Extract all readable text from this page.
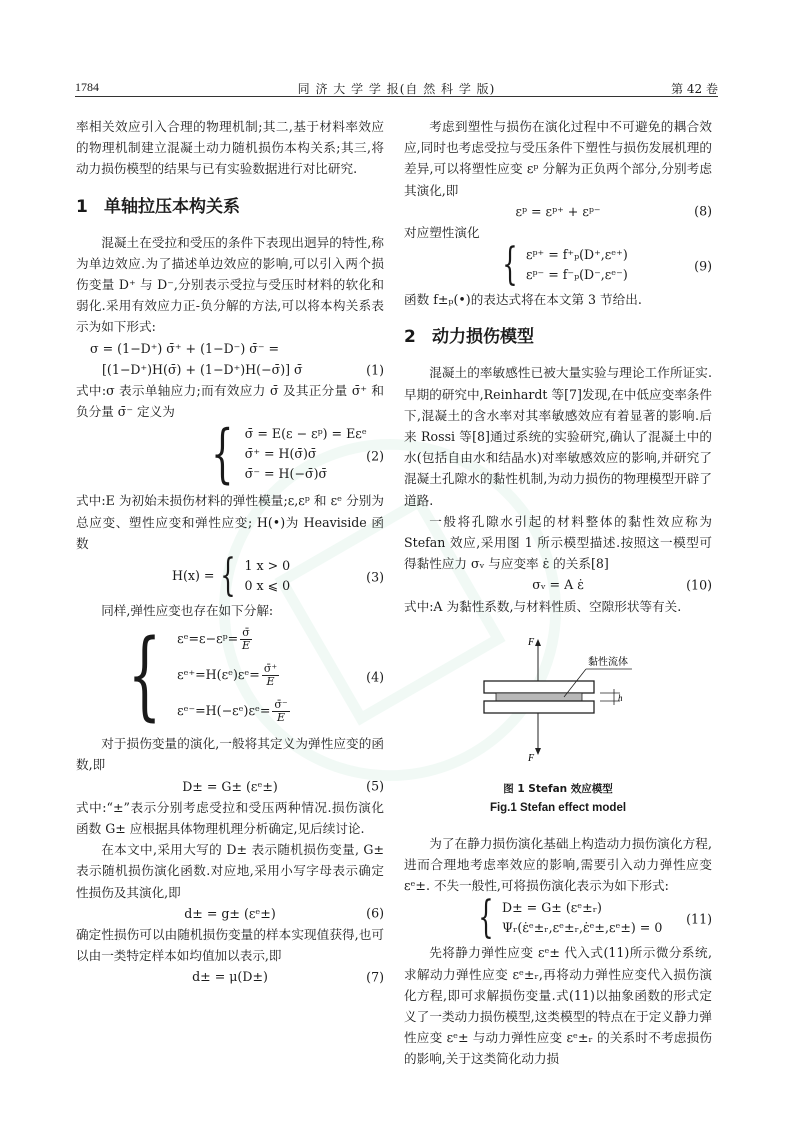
1784	同 济 大 学 学 报(自 然 科 学 版)	第 42 卷

率相关效应引入合理的物理机制;其二,基于材料率效应的物理机制建立混凝土动力随机损伤本构关系;其三,将动力损伤模型的结果与已有实验数据进行对比研究.

1 单轴拉压本构关系

混凝土在受拉和受压的条件下表现出迥异的特性,称为单边效应.为了描述单边效应的影响,可以引入两个损伤变量 D⁺ 与 D⁻,分别表示受拉与受压时材料的软化和弱化.采用有效应力正-负分解的方法,可以将本构关系表示为如下形式:

σ = (1−D⁺) σ̄⁺ + (1−D⁻) σ̄⁻ =
[(1−D⁺)H(σ̄) + (1−D⁺)H(−σ̄)] σ̄	(1)

式中:σ 表示单轴应力;而有效应力 σ̄ 及其正分量 σ̄⁺ 和负分量 σ̄⁻ 定义为

{ σ̄ = E(ε − εᵖ) = Eεᵉ
σ̄⁺ = H(σ̄)σ̄
σ̄⁻ = H(−σ̄)σ̄
(2)

式中:E 为初始未损伤材料的弹性模量;ε,εᵖ 和 εᵉ 分别为总应变、塑性应变和弹性应变; H(•)为 Heaviside 函数

H(x) = { 1 x > 0
0 x ⩽ 0
(3)

同样,弹性应变也存在如下分解:

{ εᵉ=ε−εᵖ= $\frac{\sigmā}{E}$
εᵉ⁺=H(εᵉ)εᵉ= $\frac{\sigmā^+}{E}$
εᵉ⁻=H(−εᵉ)εᵉ= $\frac{\sigmā^-}{E}$
(4)

对于损伤变量的演化,一般将其定义为弹性应变的函数,即

D± = G± (εᵉ±)	(5)

式中:“±”表示分别考虑受拉和受压两种情况.损伤演化函数 G± 应根据具体物理机理分析确定,见后续讨论.

在本文中,采用大写的 D± 表示随机损伤变量, G± 表示随机损伤演化函数.对应地,采用小写字母表示确定性损伤及其演化,即

d± = g± (εᵉ±)	(6)

确定性损伤可以由随机损伤变量的样本实现值获得,也可以由一类特定样本如均值加以表示,即

d± = μ(D±)	(7)

考虑到塑性与损伤在演化过程中不可避免的耦合效应,同时也考虑受拉与受压条件下塑性与损伤发展机理的差异,可以将塑性应变 εᵖ 分解为正负两个部分,分别考虑其演化,即

εᵖ = εᵖ⁺ + εᵖ⁻	(8)

对应塑性演化

{ εᵖ⁺ = f⁺ₚ(D⁺,εᵉ⁺)
εᵖ⁻ = f⁻ₚ(D⁻,εᵉ⁻)
(9)

函数 f±ₚ(•)的表达式将在本文第 3 节给出.

2 动力损伤模型

混凝土的率敏感性已被大量实验与理论工作所证实.早期的研究中,Reinhardt 等[7]发现,在中低应变率条件下,混凝土的含水率对其率敏感效应有着显著的影响.后来 Rossi 等[8]通过系统的实验研究,确认了混凝土中的水(包括自由水和结晶水)对率敏感效应的影响,并研究了混凝土孔隙水的黏性机制,为动力损伤的物理模型开辟了道路.

一般将孔隙水引起的材料整体的黏性效应称为 Stefan 效应,采用图 1 所示模型描述.按照这一模型可得黏性应力 σᵥ 与应变率 ε̇ 的关系[8]

σᵥ = A ε̇	(10)

式中:A 为黏性系数,与材料性质、空隙形状等有关.

F
F
黏性流体
h
图 1 Stefan 效应模型
Fig.1 Stefan effect model

为了在静力损伤演化基础上构造动力损伤演化方程,进而合理地考虑率效应的影响,需要引入动力弹性应变 εᵉ±. 不失一般性,可将损伤演化表示为如下形式:

{ D± = G± (εᵉ±ᵣ)
Ψᵣ(ε̇ᵉ±ᵣ,εᵉ±ᵣ,ε̇ᵉ±,εᵉ±) = 0
(11)

先将静力弹性应变 εᵉ± 代入式(11)所示微分系统,求解动力弹性应变 εᵉ±ᵣ,再将动力弹性应变代入损伤演化方程,即可求解损伤变量.式(11)以抽象函数的形式定义了一类动力损伤模型,这类模型的特点在于定义静力弹性应变 εᵉ± 与动力弹性应变 εᵉ±ᵣ 的关系时不考虑损伤的影响,关于这类简化动力损
